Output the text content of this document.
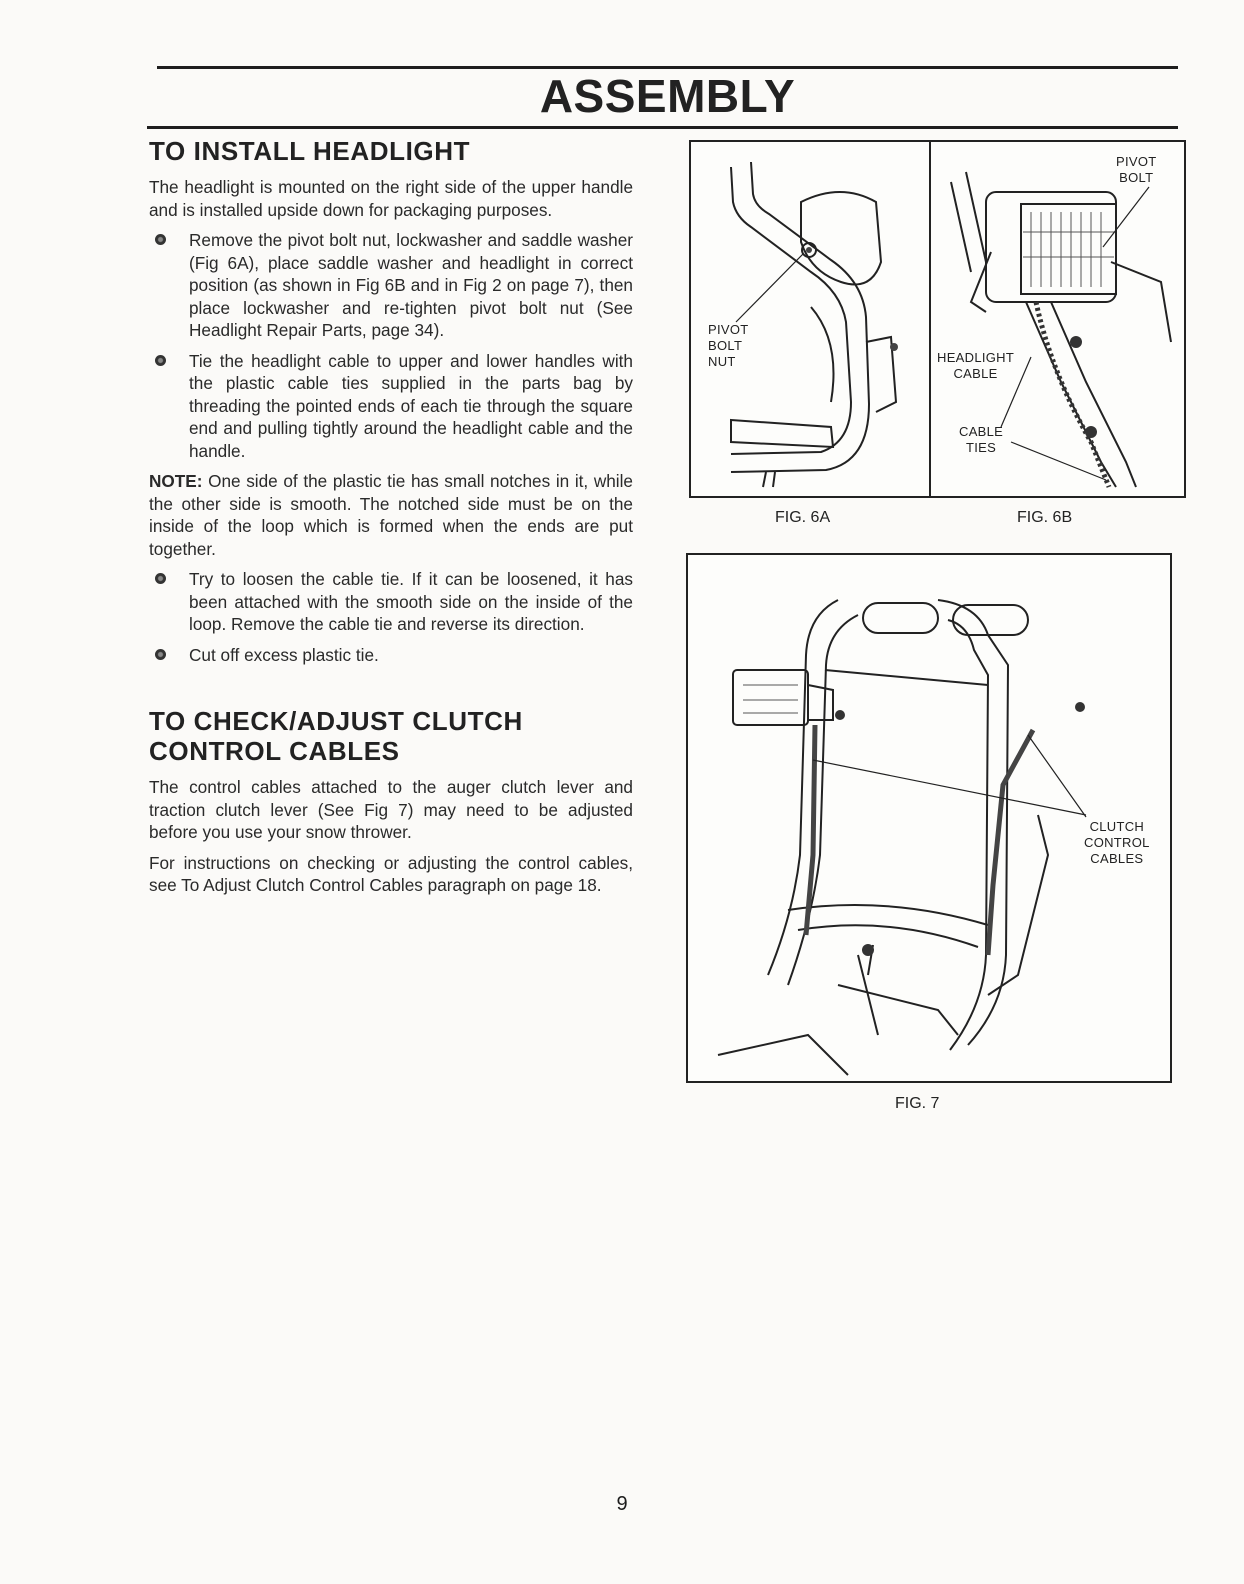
ASSEMBLY
TO INSTALL HEADLIGHT

The headlight is mounted on the right side of the upper handle and is installed upside down for packaging purposes.

Remove the pivot bolt nut, lockwasher and saddle washer (Fig 6A), place saddle washer and headlight in correct position (as shown in Fig 6B and in Fig 2 on page 7), then place lockwasher and re-tighten pivot bolt nut (See Headlight Repair Parts, page 34).

Tie the headlight cable to upper and lower handles with the plastic cable ties supplied in the parts bag by threading the pointed ends of each tie through the square end and pulling tightly around the headlight cable and the handle.

NOTE: One side of the plastic tie has small notches in it, while the other side is smooth. The notched side must be on the inside of the loop which is formed when the ends are put together.

Try to loosen the cable tie. If it can be loosened, it has been attached with the smooth side on the inside of the loop. Remove the cable tie and reverse its direction.

Cut off excess plastic tie.

TO CHECK/ADJUST CLUTCH
CONTROL CABLES

The control cables attached to the auger clutch lever and traction clutch lever (See Fig 7) may need to be adjusted before you use your snow thrower.

For instructions on checking or adjusting the control cables, see To Adjust Clutch Control Cables paragraph on page 18.

PIVOT
BOLT
NUT
FIG. 6A
PIVOT
BOLT
HEADLIGHT
CABLE
CABLE
TIES
FIG. 6B
CLUTCH
CONTROL
CABLES
FIG. 7
9
